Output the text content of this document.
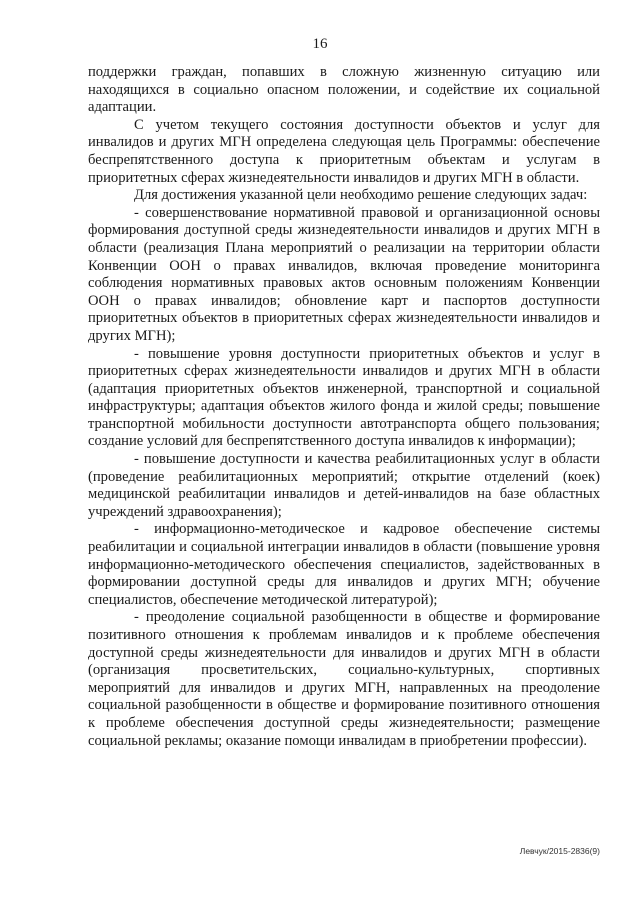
16

поддержки граждан, попавших в сложную жизненную ситуацию или находящихся в социально опасном положении, и содействие их социальной адаптации.

С учетом текущего состояния доступности объектов и услуг для инвалидов и других МГН определена следующая цель Программы: обеспечение беспрепятственного доступа к приоритетным объектам и услугам в приоритетных сферах жизнедеятельности инвалидов и других МГН в области.

Для достижения указанной цели необходимо решение следующих задач:

- совершенствование нормативной правовой и организационной основы формирования доступной среды жизнедеятельности инвалидов и других МГН в области (реализация Плана мероприятий о реализации на территории области Конвенции ООН о правах инвалидов, включая проведение мониторинга соблюдения нормативных правовых актов основным положениям Конвенции ООН о правах инвалидов; обновление карт и паспортов доступности приоритетных объектов в приоритетных сферах жизнедеятельности инвалидов и других МГН);

- повышение уровня доступности приоритетных объектов и услуг в приоритетных сферах жизнедеятельности инвалидов и других МГН в области (адаптация приоритетных объектов инженерной, транспортной и социальной инфраструктуры; адаптация объектов жилого фонда и жилой среды; повышение транспортной мобильности доступности автотранспорта общего пользования; создание условий для беспрепятственного доступа инвалидов к информации);

- повышение доступности и качества реабилитационных услуг в области (проведение реабилитационных мероприятий; открытие отделений (коек) медицинской реабилитации инвалидов и детей-инвалидов на базе областных учреждений здравоохранения);

- информационно-методическое и кадровое обеспечение системы реабилитации и социальной интеграции инвалидов в области (повышение уровня информационно-методического обеспечения специалистов, задействованных в формировании доступной среды для инвалидов и других МГН; обучение специалистов, обеспечение методической литературой);

- преодоление социальной разобщенности в обществе и формирование позитивного отношения к проблемам инвалидов и к проблеме обеспечения доступной среды жизнедеятельности для инвалидов и других МГН в области (организация просветительских, социально-культурных, спортивных мероприятий для инвалидов и других МГН, направленных на преодоление социальной разобщенности в обществе и формирование позитивного отношения к проблеме обеспечения доступной среды жизнедеятельности; размещение социальной рекламы; оказание помощи инвалидам в приобретении профессии).

Левчук/2015-2836(9)
